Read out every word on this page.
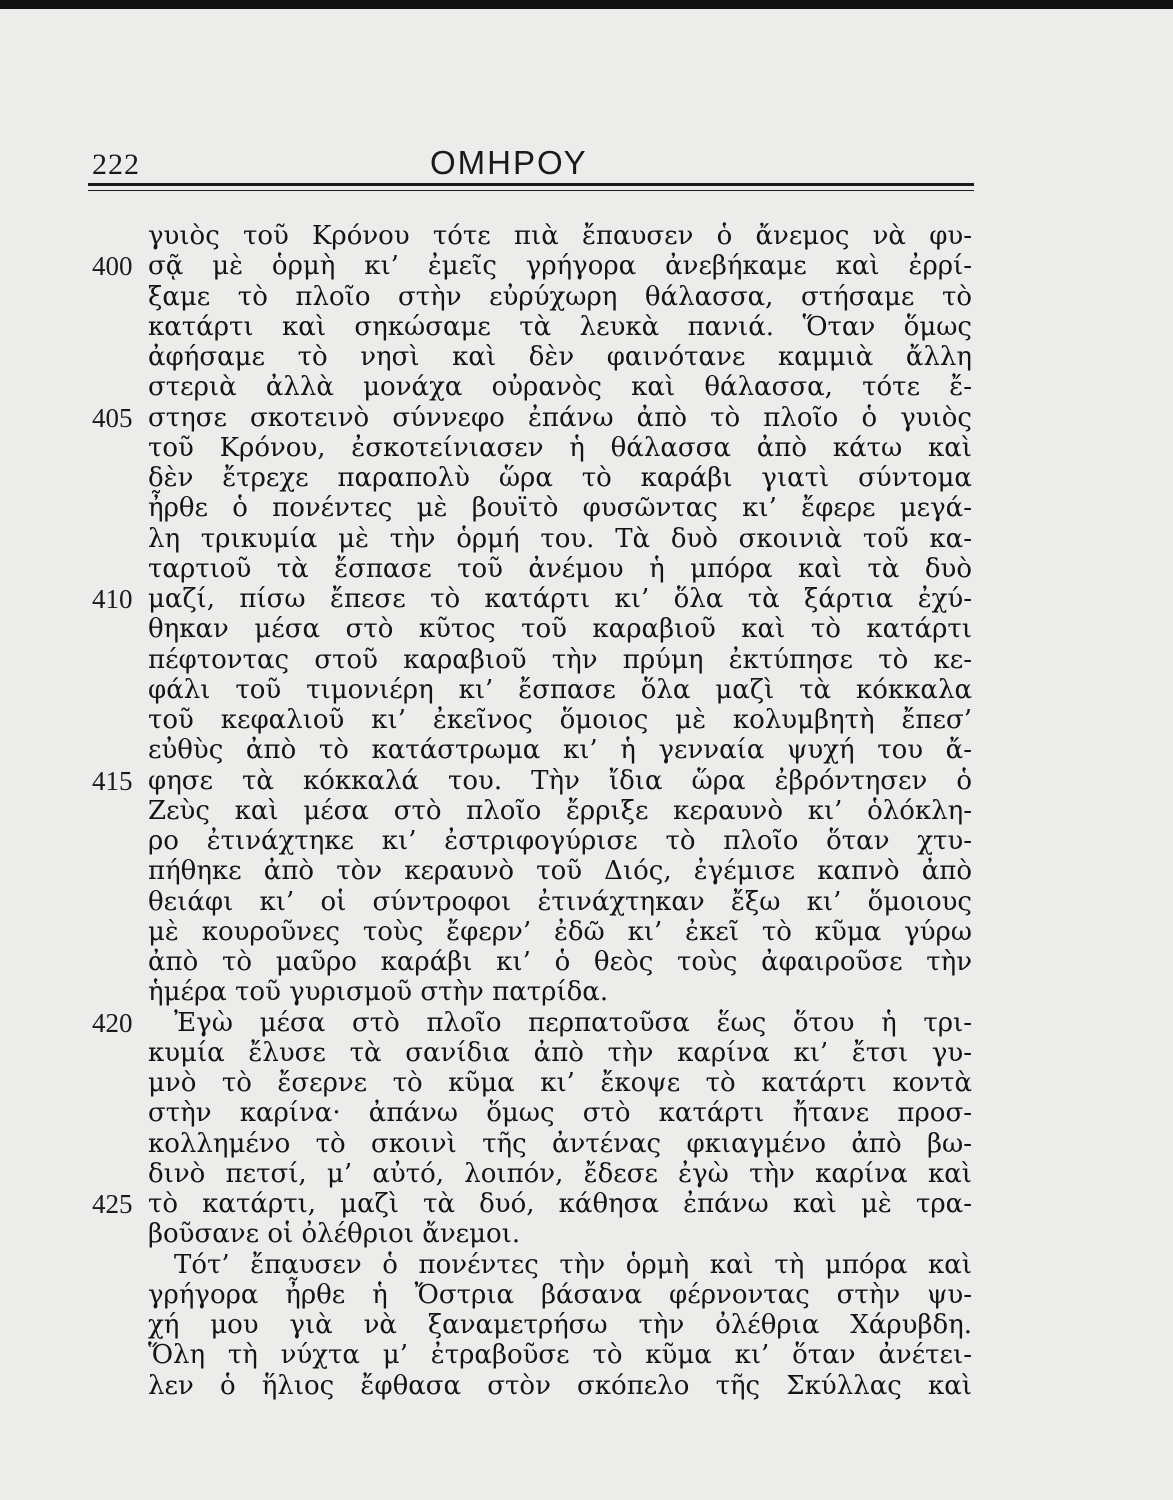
222	ΟΜΗΡΟΥ
γυιὸς τοῦ Κρόνου τότε πιὰ ἔπαυσεν ὁ ἄνεμος νὰ φυ-
400 σᾷ μὲ ὁρμὴ κι’ ἐμεῖς γρήγορα ἀνεβήκαμε καὶ ἐρρί-
ξαμε τὸ πλοῖο στὴν εὐρύχωρη θάλασσα, στήσαμε τὸ
κατάρτι καὶ σηκώσαμε τὰ λευκὰ πανιά. Ὅταν ὅμως
ἀφήσαμε τὸ νησὶ καὶ δὲν φαινότανε καμμιὰ ἄλλη
στεριὰ ἀλλὰ μονάχα οὐρανὸς καὶ θάλασσα, τότε ἔ-
405 στησε σκοτεινὸ σύννεφο ἐπάνω ἀπὸ τὸ πλοῖο ὁ γυιὸς
τοῦ Κρόνου, ἐσκοτείνιασεν ἡ θάλασσα ἀπὸ κάτω καὶ
δὲν ἔτρεχε παραπολὺ ὥρα τὸ καράβι γιατὶ σύντομα
ἦρθε ὁ πονέντες μὲ βουϊτὸ φυσῶντας κι’ ἔφερε μεγά-
λη τρικυμία μὲ τὴν ὁρμή του. Τὰ δυὸ σκοινιὰ τοῦ κα-
ταρτιοῦ τὰ ἔσπασε τοῦ ἀνέμου ἡ μπόρα καὶ τὰ δυὸ
410 μαζί, πίσω ἔπεσε τὸ κατάρτι κι’ ὅλα τὰ ξάρτια ἐχύ-
θηκαν μέσα στὸ κῦτος τοῦ καραβιοῦ καὶ τὸ κατάρτι
πέφτοντας στοῦ καραβιοῦ τὴν πρύμη ἐκτύπησε τὸ κε-
φάλι τοῦ τιμονιέρη κι’ ἔσπασε ὅλα μαζὶ τὰ κόκκαλα
τοῦ κεφαλιοῦ κι’ ἐκεῖνος ὅμοιος μὲ κολυμβητὴ ἔπεσ’
εὐθὺς ἀπὸ τὸ κατάστρωμα κι’ ἡ γενναία ψυχή του ἄ-
415 φησε τὰ κόκκαλά του. Τὴν ἴδια ὥρα ἐβρόντησεν ὁ
Ζεὺς καὶ μέσα στὸ πλοῖο ἔρριξε κεραυνὸ κι’ ὁλόκλη-
ρο ἐτινάχτηκε κι’ ἐστριφογύρισε τὸ πλοῖο ὅταν χτυ-
πήθηκε ἀπὸ τὸν κεραυνὸ τοῦ Διός, ἐγέμισε καπνὸ ἀπὸ
θειάφι κι’ οἱ σύντροφοι ἐτινάχτηκαν ἔξω κι’ ὅμοιους
μὲ κουροῦνες τοὺς ἔφερν’ ἐδῶ κι’ ἐκεῖ τὸ κῦμα γύρω
ἀπὸ τὸ μαῦρο καράβι κι’ ὁ θεὸς τοὺς ἀφαιροῦσε τὴν
ἡμέρα τοῦ γυρισμοῦ στὴν πατρίδα.
420	Ἐγὼ μέσα στὸ πλοῖο περπατοῦσα ἕως ὅτου ἡ τρι-
κυμία ἔλυσε τὰ σανίδια ἀπὸ τὴν καρίνα κι’ ἔτσι γυ-
μνὸ τὸ ἔσερνε τὸ κῦμα κι’ ἔκοψε τὸ κατάρτι κοντὰ
στὴν καρίνα· ἀπάνω ὅμως στὸ κατάρτι ἤτανε προσ-
κολλημένο τὸ σκοινὶ τῆς ἀντένας φκιαγμένο ἀπὸ βω-
δινὸ πετσί, μ’ αὐτό, λοιπόν, ἔδεσε ἐγὼ τὴν καρίνα καὶ
425 τὸ κατάρτι, μαζὶ τὰ δυό, κάθησα ἐπάνω καὶ μὲ τρα-
βοῦσανε οἱ ὀλέθριοι ἄνεμοι.
Τότ’ ἔπαυσεν ὁ πονέντες τὴν ὁρμὴ καὶ τὴ μπόρα καὶ
γρήγορα ἦρθε ἡ Ὄστρια βάσανα φέρνοντας στὴν ψυ-
χή μου γιὰ νὰ ξαναμετρήσω τὴν ὀλέθρια Χάρυβδη.
Ὅλη τὴ νύχτα μ’ ἐτραβοῦσε τὸ κῦμα κι’ ὅταν ἀνέτει-
λεν ὁ ἥλιος ἔφθασα στὸν σκόπελο τῆς Σκύλλας καὶ
